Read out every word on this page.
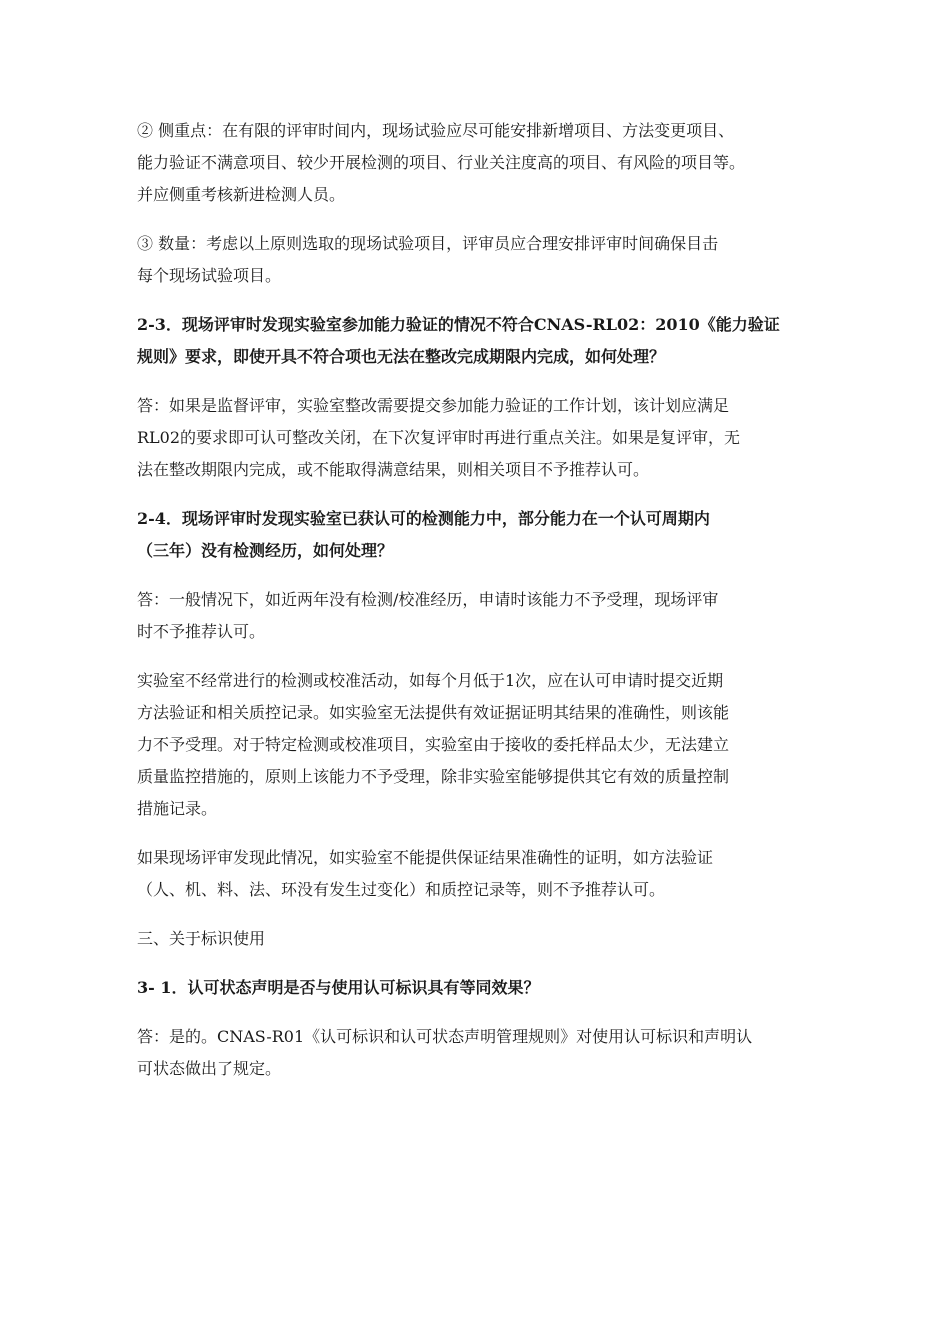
② 侧重点：在有限的评审时间内，现场试验应尽可能安排新增项目、方法变更项目、
能力验证不满意项目、较少开展检测的项目、行业关注度高的项目、有风险的项目等。
并应侧重考核新进检测人员。
③ 数量：考虑以上原则选取的现场试验项目，评审员应合理安排评审时间确保目击
每个现场试验项目。
2-3．现场评审时发现实验室参加能力验证的情况不符合CNAS-RL02：2010《能力验证
规则》要求，即使开具不符合项也无法在整改完成期限内完成，如何处理？
答：如果是监督评审，实验室整改需要提交参加能力验证的工作计划，该计划应满足
RL02的要求即可认可整改关闭，在下次复评审时再进行重点关注。如果是复评审，无
法在整改期限内完成，或不能取得满意结果，则相关项目不予推荐认可。
2-4．现场评审时发现实验室已获认可的检测能力中，部分能力在一个认可周期内
（三年）没有检测经历，如何处理？
答：一般情况下，如近两年没有检测/校准经历，申请时该能力不予受理，现场评审
时不予推荐认可。
实验室不经常进行的检测或校准活动，如每个月低于1次，应在认可申请时提交近期
方法验证和相关质控记录。如实验室无法提供有效证据证明其结果的准确性，则该能
力不予受理。对于特定检测或校准项目，实验室由于接收的委托样品太少，无法建立
质量监控措施的，原则上该能力不予受理，除非实验室能够提供其它有效的质量控制
措施记录。
如果现场评审发现此情况，如实验室不能提供保证结果准确性的证明，如方法验证
（人、机、料、法、环没有发生过变化）和质控记录等，则不予推荐认可。
三、关于标识使用
3- 1．认可状态声明是否与使用认可标识具有等同效果？
答：是的。CNAS-R01《认可标识和认可状态声明管理规则》对使用认可标识和声明认
可状态做出了规定。
